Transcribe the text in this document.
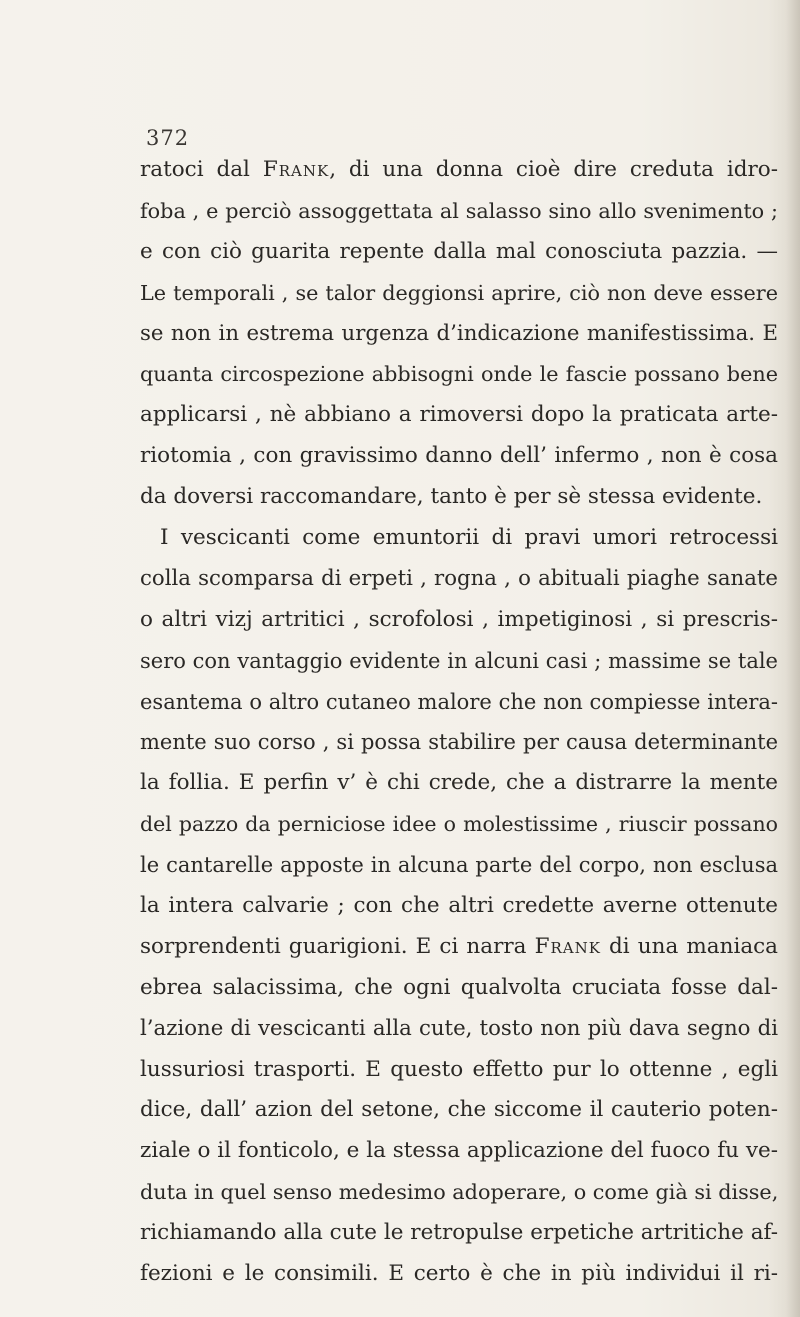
372
ratoci dal Frank, di una donna cioè dire creduta idro-
foba , e perciò assoggettata al salasso sino allo svenimento ;
e con ciò guarita repente dalla mal conosciuta pazzia. —
Le temporali , se talor deggionsi aprire, ciò non deve essere
se non in estrema urgenza d’indicazione manifestissima. E
quanta circospezione abbisogni onde le fascie possano bene
applicarsi , nè abbiano a rimoversi dopo la praticata arte-
riotomia , con gravissimo danno dell’ infermo , non è cosa
da doversi raccomandare, tanto è per sè stessa evidente.
I vescicanti come emuntorii di pravi umori retrocessi
colla scomparsa di erpeti , rogna , o abituali piaghe sanate
o altri vizj artritici , scrofolosi , impetiginosi , si prescris-
sero con vantaggio evidente in alcuni casi ; massime se tale
esantema o altro cutaneo malore che non compiesse intera-
mente suo corso , si possa stabilire per causa determinante
la follia. E perfin v’ è chi crede, che a distrarre la mente
del pazzo da perniciose idee o molestissime , riuscir possano
le cantarelle apposte in alcuna parte del corpo, non esclusa
la intera calvarie ; con che altri credette averne ottenute
sorprendenti guarigioni. E ci narra Frank di una maniaca
ebrea salacissima, che ogni qualvolta cruciata fosse dal-
l’azione di vescicanti alla cute, tosto non più dava segno di
lussuriosi trasporti. E questo effetto pur lo ottenne , egli
dice, dall’ azion del setone, che siccome il cauterio poten-
ziale o il fonticolo, e la stessa applicazione del fuoco fu ve-
duta in quel senso medesimo adoperare, o come già si disse,
richiamando alla cute le retropulse erpetiche artritiche af-
fezioni e le consimili. E certo è che in più individui il ri-
